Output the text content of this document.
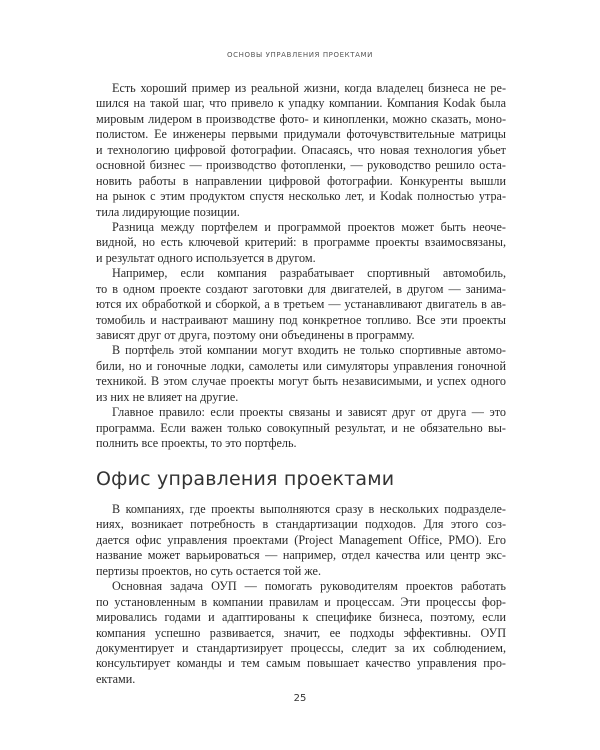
ОСНОВЫ УПРАВЛЕНИЯ ПРОЕКТАМИ
Есть хороший пример из реальной жизни, когда владелец бизнеса не ре-
шился на такой шаг, что привело к упадку компании. Компания Kodak была
мировым лидером в производстве фото- и кинопленки, можно сказать, моно-
полистом. Ее инженеры первыми придумали фоточувствительные матрицы
и технологию цифровой фотографии. Опасаясь, что новая технология убьет
основной бизнес — производство фотопленки, — руководство решило оста-
новить работы в направлении цифровой фотографии. Конкуренты вышли
на рынок с этим продуктом спустя несколько лет, и Kodak полностью утра-
тила лидирующие позиции.
Разница между портфелем и программой проектов может быть неоче-
видной, но есть ключевой критерий: в программе проекты взаимосвязаны,
и результат одного используется в другом.
Например, если компания разрабатывает спортивный автомобиль,
то в одном проекте создают заготовки для двигателей, в другом — занима-
ются их обработкой и сборкой, а в третьем — устанавливают двигатель в ав-
томобиль и настраивают машину под конкретное топливо. Все эти проекты
зависят друг от друга, поэтому они объединены в программу.
В портфель этой компании могут входить не только спортивные автомо-
били, но и гоночные лодки, самолеты или симуляторы управления гоночной
техникой. В этом случае проекты могут быть независимыми, и успех одного
из них не влияет на другие.
Главное правило: если проекты связаны и зависят друг от друга — это
программа. Если важен только совокупный результат, и не обязательно вы-
полнить все проекты, то это портфель.
Офис управления проектами
В компаниях, где проекты выполняются сразу в нескольких подразделе-
ниях, возникает потребность в стандартизации подходов. Для этого соз-
дается офис управления проектами (Project Management Office, PMO). Его
название может варьироваться — например, отдел качества или центр экс-
пертизы проектов, но суть остается той же.
Основная задача ОУП — помогать руководителям проектов работать
по установленным в компании правилам и процессам. Эти процессы фор-
мировались годами и адаптированы к специфике бизнеса, поэтому, если
компания успешно развивается, значит, ее подходы эффективны. ОУП
документирует и стандартизирует процессы, следит за их соблюдением,
консультирует команды и тем самым повышает качество управления про-
ектами.
25
